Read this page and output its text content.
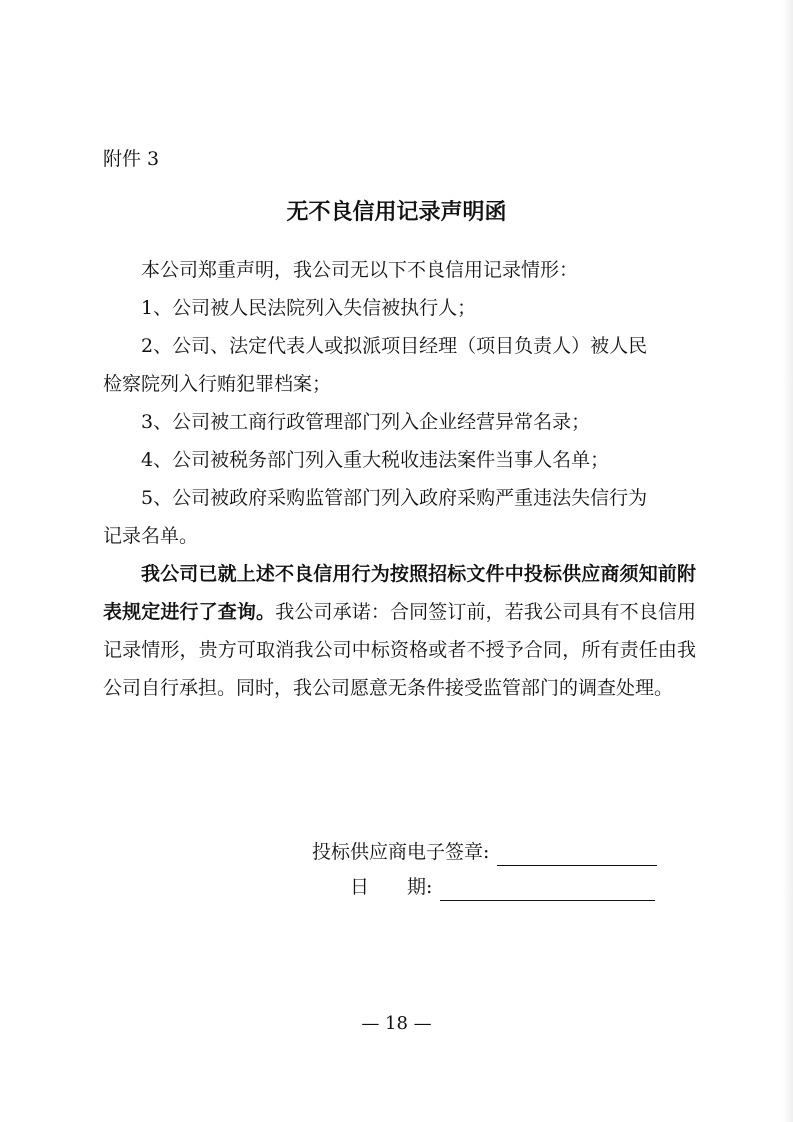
附件 3
无不良信用记录声明函

本公司郑重声明，我公司无以下不良信用记录情形：

1、公司被人民法院列入失信被执行人；

2、公司、法定代表人或拟派项目经理（项目负责人）被人民

检察院列入行贿犯罪档案；

3、公司被工商行政管理部门列入企业经营异常名录；

4、公司被税务部门列入重大税收违法案件当事人名单；

5、公司被政府采购监管部门列入政府采购严重违法失信行为

记录名单。

我公司已就上述不良信用行为按照招标文件中投标供应商须知前附表规定进行了查询。我公司承诺：合同签订前，若我公司具有不良信用记录情形，贵方可取消我公司中标资格或者不授予合同，所有责任由我公司自行承担。同时，我公司愿意无条件接受监管部门的调查处理。

投标供应商电子签章:
日　　期:
— 18 —
